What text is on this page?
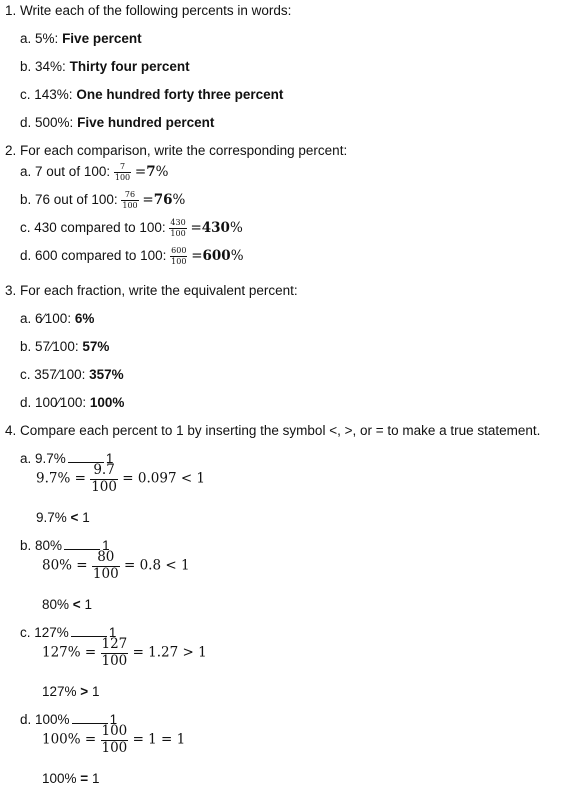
1. Write each of the following percents in words:
a. 5%: Five percent
b. 34%: Thirty four percent
c. 143%: One hundred forty three percent
d. 500%: Five hundred percent
2. For each comparison, write the corresponding percent:
a. 7 out of 100: $\frac{7}{100} =7\%$
b. 76 out of 100: $\frac{76}{100} =76\%$
c. 430 compared to 100: $\frac{430}{100} =430\%$
d. 600 compared to 100: $\frac{600}{100} =600\%$
3. For each fraction, write the equivalent percent:
a. 6⁄100: 6%
b. 57⁄100: 57%
c. 357⁄100: 357%
d. 100⁄100: 100%
4. Compare each percent to 1 by inserting the symbol <, >, or = to make a true statement.
a. 9.7%	1
$9.7\% = \frac{9.7}{100} = 0.097 < 1$
9.7% < 1
b. 80%	1
$80\% = \frac{80}{100} = 0.8 < 1$
80% < 1
c. 127%	1
$127\% = \frac{127}{100} = 1.27 > 1$
127% > 1
d. 100%	1
$100\% = \frac{100}{100} = 1 = 1$
100% = 1
